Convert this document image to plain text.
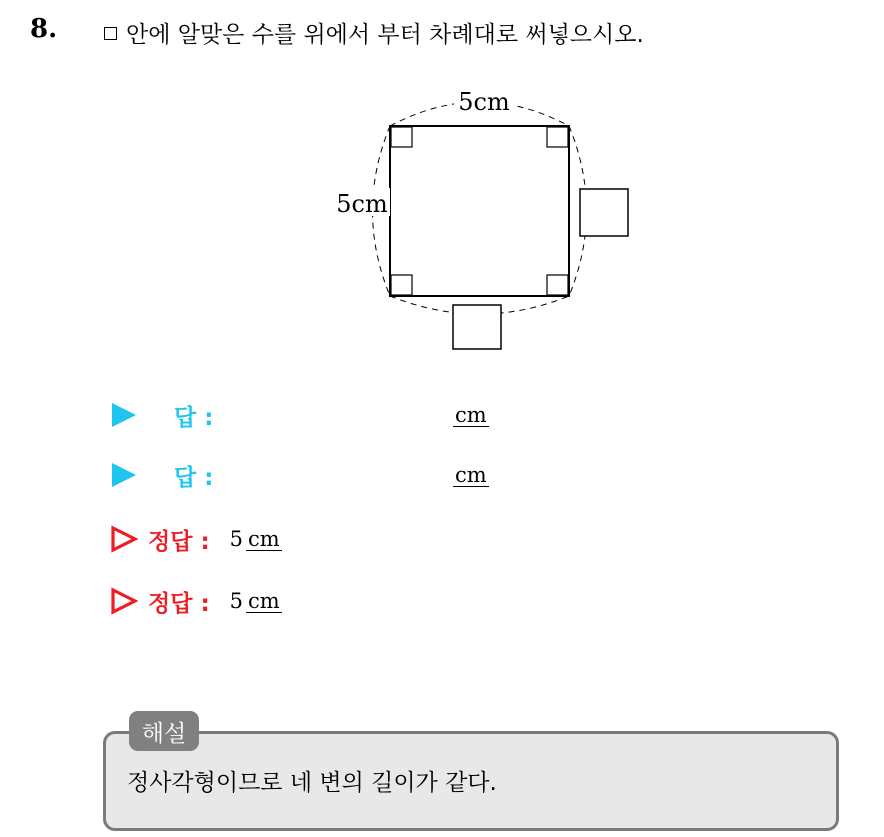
8.	안에 알맞은 수를 위에서 부터 차례대로 써넣으시오.
5cm
5cm
답 :	cm
답 :	cm
정답 : 5 cm
정답 : 5 cm
해설
정사각형이므로 네 변의 길이가 같다.
